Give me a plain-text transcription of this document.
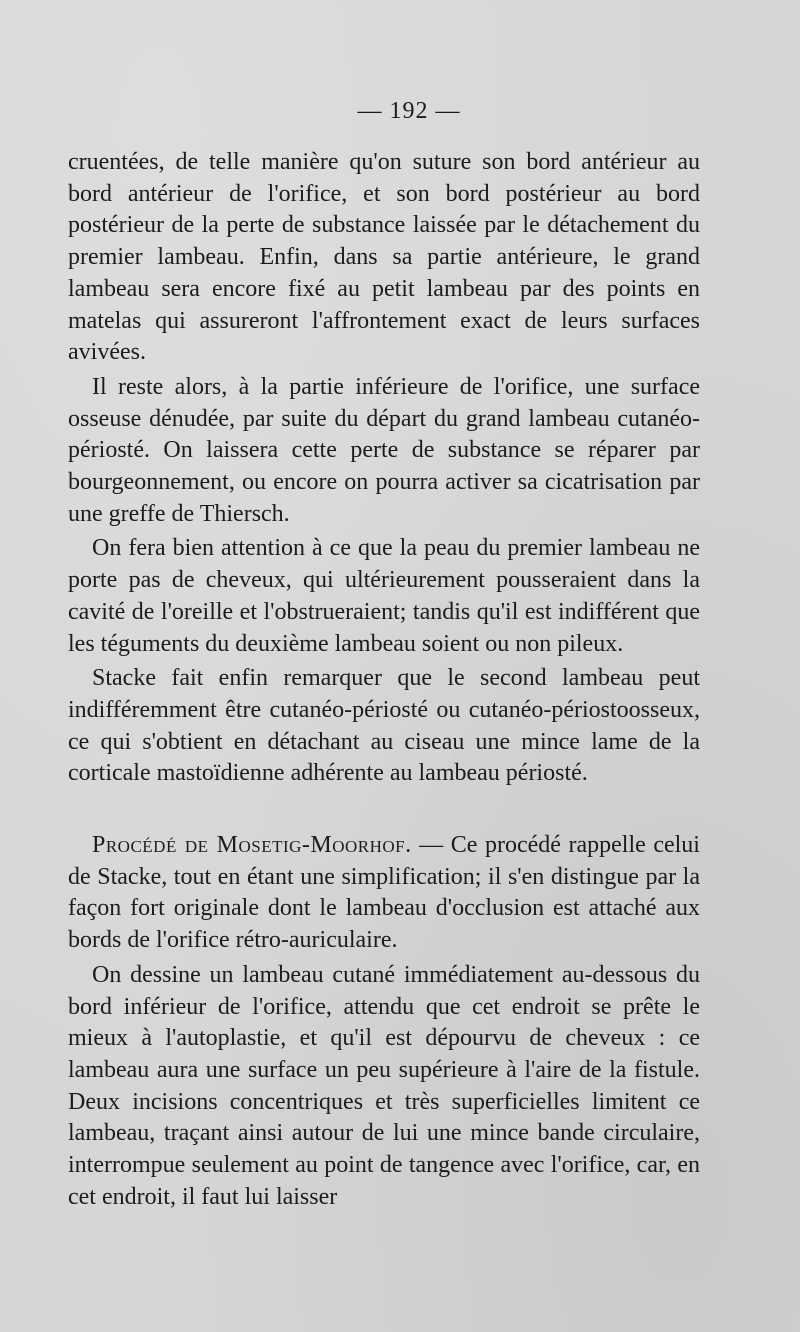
— 192 —

cruentées, de telle manière qu'on suture son bord antérieur au bord antérieur de l'orifice, et son bord postérieur au bord postérieur de la perte de substance laissée par le détachement du premier lambeau. Enfin, dans sa partie antérieure, le grand lambeau sera encore fixé au petit lambeau par des points en matelas qui assureront l'affrontement exact de leurs surfaces avivées.

Il reste alors, à la partie inférieure de l'orifice, une surface osseuse dénudée, par suite du départ du grand lambeau cutanéo-périosté. On laissera cette perte de substance se réparer par bourgeonnement, ou encore on pourra activer sa cicatrisation par une greffe de Thiersch.

On fera bien attention à ce que la peau du premier lambeau ne porte pas de cheveux, qui ultérieurement pousseraient dans la cavité de l'oreille et l'obstrueraient; tandis qu'il est indifférent que les téguments du deuxième lambeau soient ou non pileux.

Stacke fait enfin remarquer que le second lambeau peut indifféremment être cutanéo-périosté ou cutanéo-périostoosseux, ce qui s'obtient en détachant au ciseau une mince lame de la corticale mastoïdienne adhérente au lambeau périosté.

Procédé de Mosetig-Moorhof. — Ce procédé rappelle celui de Stacke, tout en étant une simplification; il s'en distingue par la façon fort originale dont le lambeau d'occlusion est attaché aux bords de l'orifice rétro-auriculaire.

On dessine un lambeau cutané immédiatement au-dessous du bord inférieur de l'orifice, attendu que cet endroit se prête le mieux à l'autoplastie, et qu'il est dépourvu de cheveux : ce lambeau aura une surface un peu supérieure à l'aire de la fistule. Deux incisions concentriques et très superficielles limitent ce lambeau, traçant ainsi autour de lui une mince bande circulaire, interrompue seulement au point de tangence avec l'orifice, car, en cet endroit, il faut lui laisser
